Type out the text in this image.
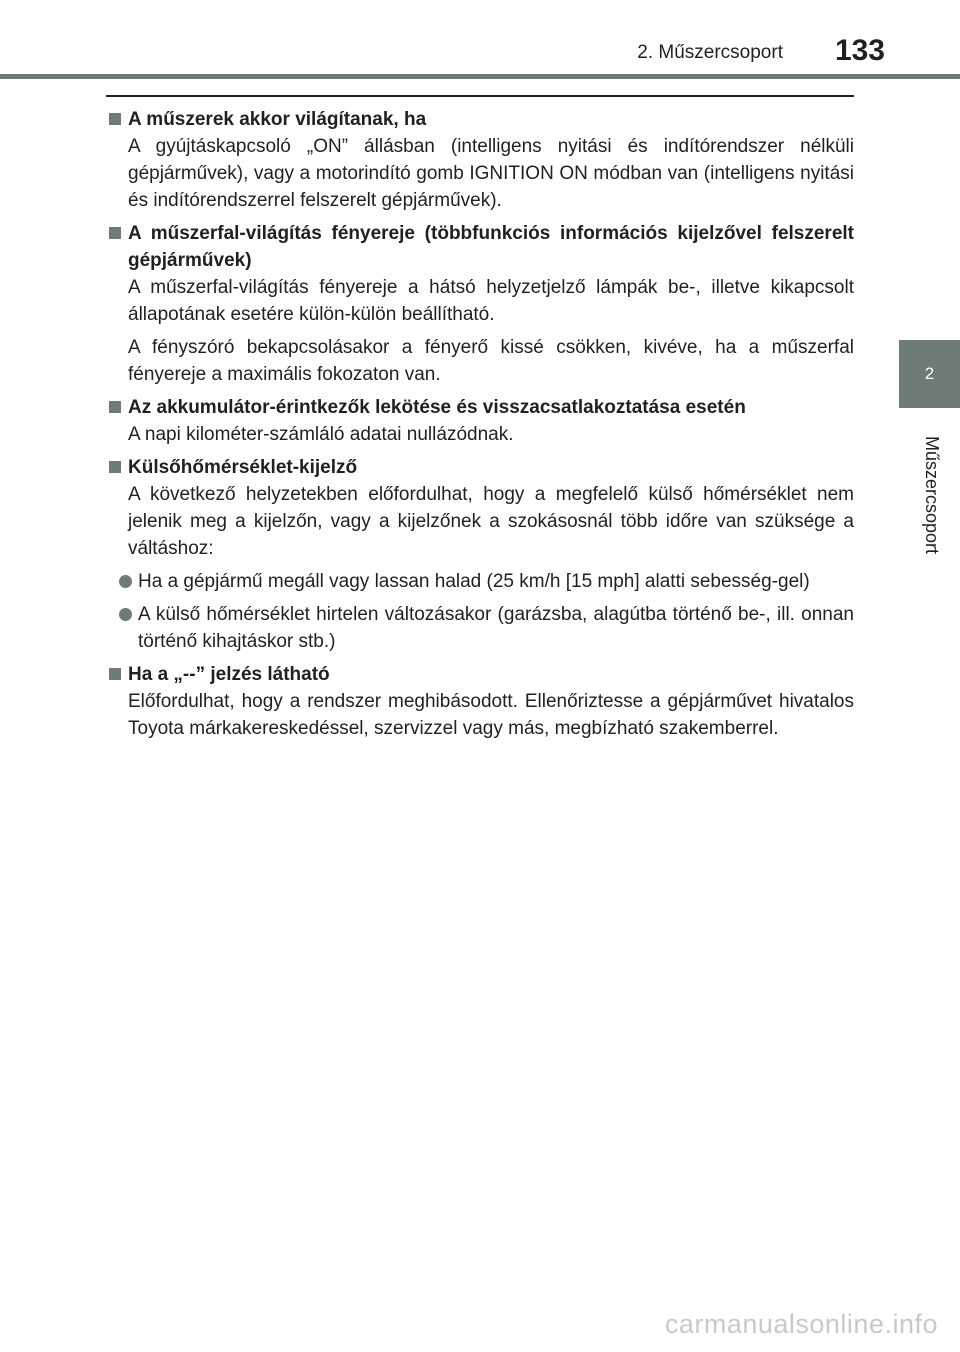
2. Műszercsoport 133
2
Műszercsoport
A műszerek akkor világítanak, ha
A gyújtáskapcsoló „ON” állásban (intelligens nyitási és indítórendszer nélküli gépjárművek), vagy a motorindító gomb IGNITION ON módban van (intelligens nyitási és indítórendszerrel felszerelt gépjárművek).
A műszerfal-világítás fényereje (többfunkciós információs kijelzővel felszerelt gépjárművek)
A műszerfal-világítás fényereje a hátsó helyzetjelző lámpák be-, illetve kikapcsolt állapotának esetére külön-külön beállítható.
A fényszóró bekapcsolásakor a fényerő kissé csökken, kivéve, ha a műszerfal fényereje a maximális fokozaton van.
Az akkumulátor-érintkezők lekötése és visszacsatlakoztatása esetén
A napi kilométer-számláló adatai nullázódnak.
Külsőhőmérséklet-kijelző
A következő helyzetekben előfordulhat, hogy a megfelelő külső hőmérséklet nem jelenik meg a kijelzőn, vagy a kijelzőnek a szokásosnál több időre van szüksége a váltáshoz:
Ha a gépjármű megáll vagy lassan halad (25 km/h [15 mph] alatti sebesség-gel)
A külső hőmérséklet hirtelen változásakor (garázsba, alagútba történő be-, ill. onnan történő kihajtáskor stb.)
Ha a „--” jelzés látható
Előfordulhat, hogy a rendszer meghibásodott. Ellenőriztesse a gépjárművet hivatalos Toyota márkakereskedéssel, szervizzel vagy más, megbízható szakemberrel.
carmanualsonline.info
